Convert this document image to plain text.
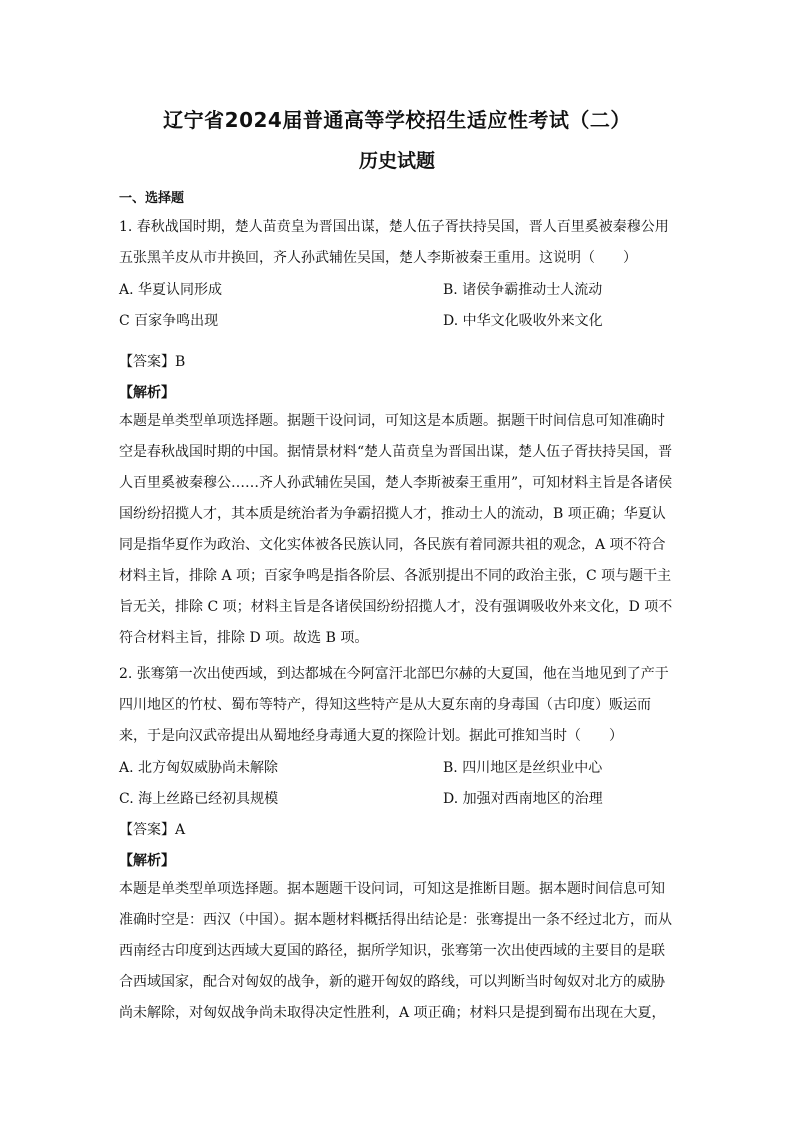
辽宁省2024届普通高等学校招生适应性考试（二）
历史试题
一、选择题
1. 春秋战国时期，楚人苗贲皇为晋国出谋，楚人伍子胥扶持吴国，晋人百里奚被秦穆公用
五张黑羊皮从市井换回，齐人孙武辅佐吴国，楚人李斯被秦王重用。这说明（　　）
A. 华夏认同形成	B. 诸侯争霸推动士人流动
C 百家争鸣出现	D. 中华文化吸收外来文化
【答案】B
【解析】
本题是单类型单项选择题。据题干设问词，可知这是本质题。据题干时间信息可知准确时
空是春秋战国时期的中国。据情景材料“楚人苗贲皇为晋国出谋，楚人伍子胥扶持吴国，晋
人百里奚被秦穆公……齐人孙武辅佐吴国，楚人李斯被秦王重用”，可知材料主旨是各诸侯
国纷纷招揽人才，其本质是统治者为争霸招揽人才，推动士人的流动，B 项正确；华夏认
同是指华夏作为政治、文化实体被各民族认同，各民族有着同源共祖的观念，A 项不符合
材料主旨，排除 A 项；百家争鸣是指各阶层、各派别提出不同的政治主张，C 项与题干主
旨无关，排除 C 项；材料主旨是各诸侯国纷纷招揽人才，没有强调吸收外来文化，D 项不
符合材料主旨，排除 D 项。故选 B 项。
2. 张骞第一次出使西域，到达都城在今阿富汗北部巴尔赫的大夏国，他在当地见到了产于
四川地区的竹杖、蜀布等特产，得知这些特产是从大夏东南的身毒国（古印度）贩运而
来，于是向汉武帝提出从蜀地经身毒通大夏的探险计划。据此可推知当时（　　）
A. 北方匈奴威胁尚未解除	B. 四川地区是丝织业中心
C. 海上丝路已经初具规模	D. 加强对西南地区的治理
【答案】A
【解析】
本题是单类型单项选择题。据本题题干设问词，可知这是推断目题。据本题时间信息可知
准确时空是：西汉（中国）。据本题材料概括得出结论是：张骞提出一条不经过北方，而从
西南经古印度到达西域大夏国的路径，据所学知识，张骞第一次出使西域的主要目的是联
合西域国家，配合对匈奴的战争，新的避开匈奴的路线，可以判断当时匈奴对北方的威胁
尚未解除，对匈奴战争尚未取得决定性胜利，A 项正确；材料只是提到蜀布出现在大夏，
